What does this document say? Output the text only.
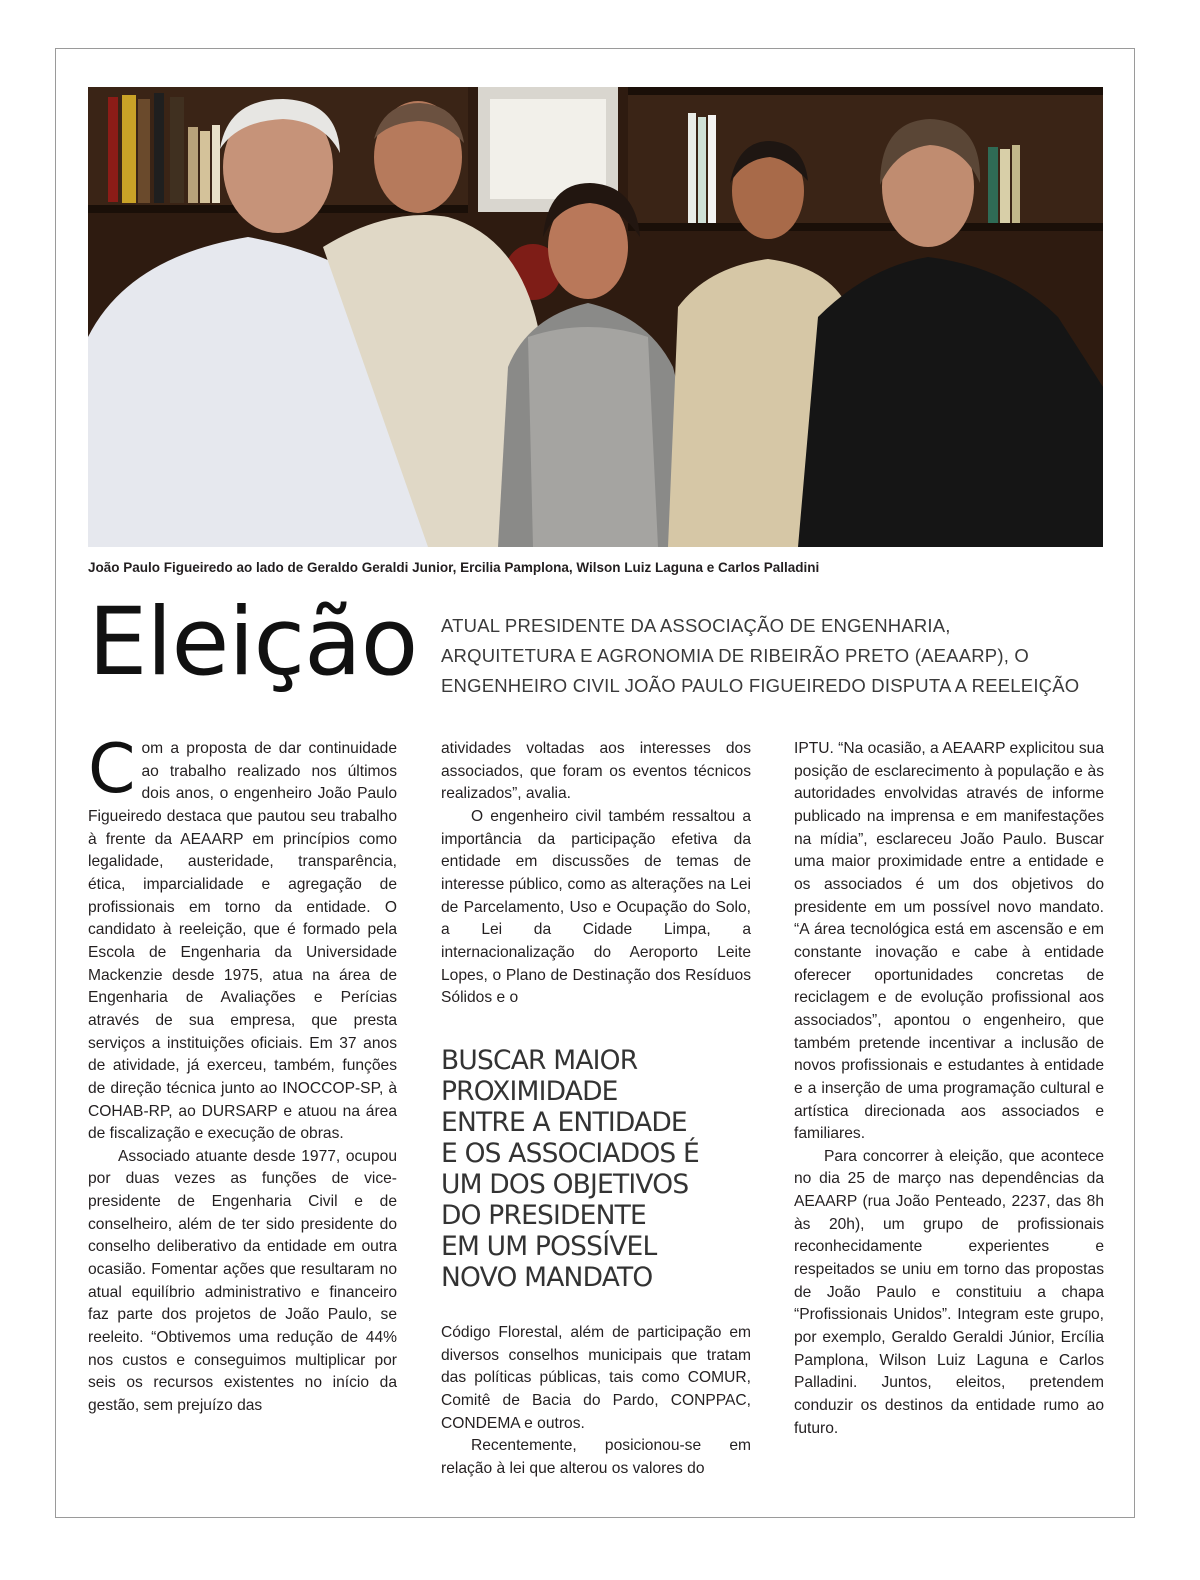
João Paulo Figueiredo ao lado de Geraldo Geraldi Junior, Ercilia Pamplona, Wilson Luiz Laguna e Carlos Palladini
Eleição ATUAL PRESIDENTE DA ASSOCIAÇÃO DE ENGENHARIA,
ARQUITETURA E AGRONOMIA DE RIBEIRÃO PRETO (AEAARP), O
ENGENHEIRO CIVIL JOÃO PAULO FIGUEIREDO DISPUTA A REELEIÇÃO

Com a proposta de dar continuidade ao trabalho realizado nos últimos dois anos, o engenheiro João Paulo Figueiredo destaca que pautou seu trabalho à frente da AEAARP em princípios como legalidade, austeridade, transparência, ética, imparcialidade e agregação de profissionais em torno da entidade. O candidato à reeleição, que é formado pela Escola de Engenharia da Universidade Mackenzie desde 1975, atua na área de Engenharia de Avaliações e Perícias através de sua empresa, que presta serviços a instituições oficiais. Em 37 anos de atividade, já exerceu, também, funções de direção técnica junto ao INOCCOP-SP, à COHAB-RP, ao DURSARP e atuou na área de fiscalização e execução de obras.

Associado atuante desde 1977, ocupou por duas vezes as funções de vice-presidente de Engenharia Civil e de conselheiro, além de ter sido presidente do conselho deliberativo da entidade em outra ocasião. Fomentar ações que resultaram no atual equilíbrio administrativo e financeiro faz parte dos projetos de João Paulo, se reeleito. “Obtivemos uma redução de 44% nos custos e conseguimos multiplicar por seis os recursos existentes no início da gestão, sem prejuízo das

atividades voltadas aos interesses dos associados, que foram os eventos técnicos realizados”, avalia.

O engenheiro civil também ressaltou a importância da participação efetiva da entidade em discussões de temas de interesse público, como as alterações na Lei de Parcelamento, Uso e Ocupação do Solo, a Lei da Cidade Limpa, a internacionalização do Aeroporto Leite Lopes, o Plano de Destinação dos Resíduos Sólidos e o

BUSCAR MAIOR
PROXIMIDADE
ENTRE A ENTIDADE
E OS ASSOCIADOS É
UM DOS OBJETIVOS
DO PRESIDENTE
EM UM POSSÍVEL
NOVO MANDATO

Código Florestal, além de participação em diversos conselhos municipais que tratam das políticas públicas, tais como COMUR, Comitê de Bacia do Pardo, CONPPAC, CONDEMA e outros.

Recentemente, posicionou-se em relação à lei que alterou os valores do

IPTU. “Na ocasião, a AEAARP explicitou sua posição de esclarecimento à população e às autoridades envolvidas através de informe publicado na imprensa e em manifestações na mídia”, esclareceu João Paulo. Buscar uma maior proximidade entre a entidade e os associados é um dos objetivos do presidente em um possível novo mandato. “A área tecnológica está em ascensão e em constante inovação e cabe à entidade oferecer oportunidades concretas de reciclagem e de evolução profissional aos associados”, apontou o engenheiro, que também pretende incentivar a inclusão de novos profissionais e estudantes à entidade e a inserção de uma programação cultural e artística direcionada aos associados e familiares.

Para concorrer à eleição, que acontece no dia 25 de março nas dependências da AEAARP (rua João Penteado, 2237, das 8h às 20h), um grupo de profissionais reconhecidamente experientes e respeitados se uniu em torno das propostas de João Paulo e constituiu a chapa “Profissionais Unidos”. Integram este grupo, por exemplo, Geraldo Geraldi Júnior, Ercília Pamplona, Wilson Luiz Laguna e Carlos Palladini. Juntos, eleitos, pretendem conduzir os destinos da entidade rumo ao futuro.
